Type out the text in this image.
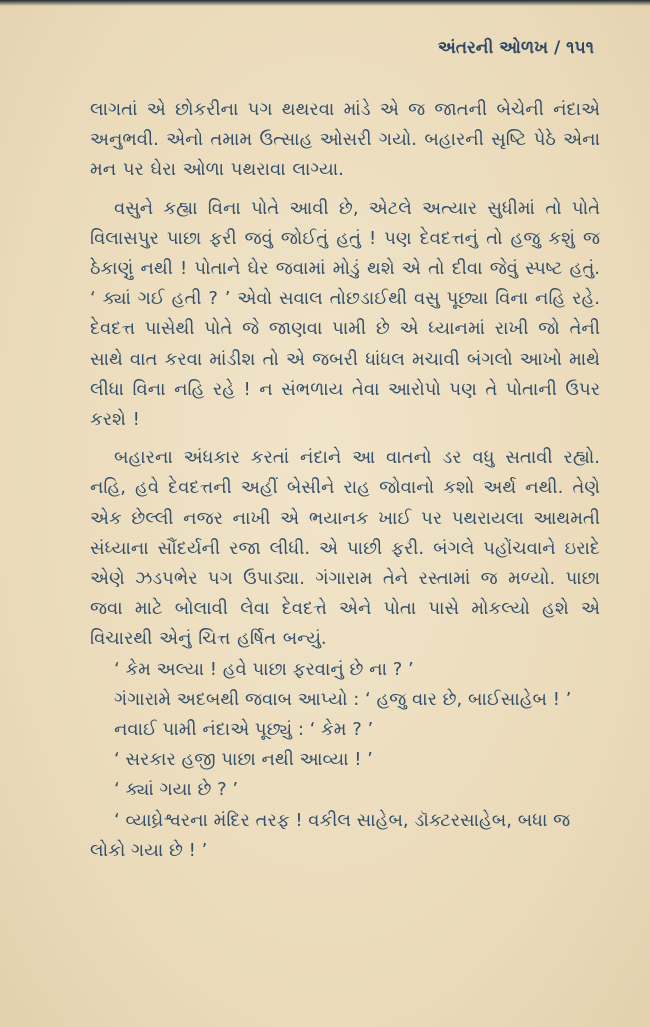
અંતરની ઓળખ / ૧૫૧

લાગતાં એ છોકરીના પગ થથરવા માંડે એ જ જાતની બેચેની નંદાએ અનુભવી. એનો તમામ ઉત્સાહ ઓસરી ગયો. બહારની સૃષ્ટિ પેઠે એના મન પર ઘેરા ઓળા પથરાવા લાગ્યા.

વસુને કહ્યા વિના પોતે આવી છે, એટલે અત્યાર સુધીમાં તો પોતે વિલાસપુર પાછા ફરી જવું જોઈતું હતું ! પણ દેવદત્તનું તો હજુ કશું જ ઠેકાણું નથી ! પોતાને ઘેર જવામાં મોડું થશે એ તો દીવા જેવું સ્પષ્ટ હતું. ‘ ક્યાં ગઈ હતી ? ’ એવો સવાલ તોછડાઈથી વસુ પૂછ્યા વિના નહિ રહે. દેવદત્ત પાસેથી પોતે જે જાણવા પામી છે એ ધ્યાનમાં રાખી જો તેની સાથે વાત કરવા માંડીશ તો એ જબરી ધાંધલ મચાવી બંગલો આખો માથે લીધા વિના નહિ રહે ! ન સંભળાય તેવા આરોપો પણ તે પોતાની ઉપર કરશે !

બહારના અંધકાર કરતાં નંદાને આ વાતનો ડર વધુ સતાવી રહ્યો. નહિ, હવે દેવદત્તની અહીં બેસીને રાહ જોવાનો કશો અર્થ નથી. તેણે એક છેલ્લી નજર નાખી એ ભયાનક ખાઈ પર પથરાયલા આથમતી સંધ્યાના સૌંદર્યની રજા લીધી. એ પાછી ફરી. બંગલે પહોંચવાને ઇરાદે એણે ઝડપભેર પગ ઉપાડ્યા. ગંગારામ તેને રસ્તામાં જ મળ્યો. પાછા જવા માટે બોલાવી લેવા દેવદત્તે એને પોતા પાસે મોકલ્યો હશે એ વિચારથી એનું ચિત્ત હર્ષિત બન્યું.

‘ કેમ અલ્યા ! હવે પાછા ફરવાનું છે ના ? ’

ગંગારામે અદબથી જવાબ આપ્યો : ‘ હજુ વાર છે, બાઈસાહેબ ! ’

નવાઈ પામી નંદાએ પૂછ્યું : ‘ કેમ ? ’

‘ સરકાર હજી પાછા નથી આવ્યા ! ’

‘ ક્યાં ગયા છે ? ’

‘ વ્યાઘ્રેશ્વરના મંદિર તરફ ! વકીલ સાહેબ, ડૉક્ટરસાહેબ, બધા જ લોકો ગયા છે ! ’
